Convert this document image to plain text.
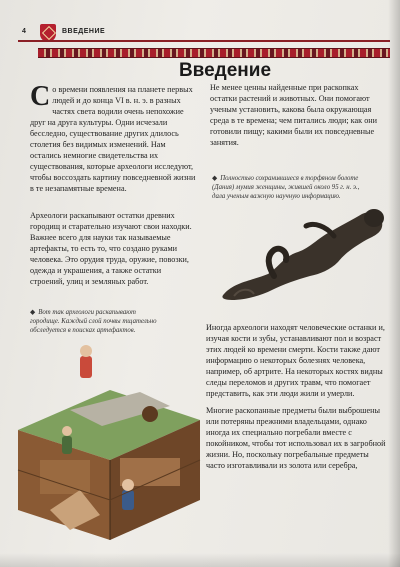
4	ВВЕДЕНИЕ
Введение

Со времени появления на планете первых людей и до конца VI в. н. э. в разных частях света водили очень непохожие друг на друга культуры. Одни исчезали бесследно, существование других длилось столетия без видимых изменений. Нам остались немногие свидетельства их существования, которые археологи исследуют, чтобы воссоздать картину повседневной жизни в те незапамятные времена.

Археологи раскапывают остатки древних городищ и старательно изучают свои находки. Важнее всего для науки так называемые артефакты, то есть то, что создано руками человека. Это орудия труда, оружие, повозки, одежда и украшения, а также остатки строений, улиц и земляных работ.

Не менее ценны найденные при раскопках остатки растений и животных. Они помогают ученым установить, какова была окружающая среда в те времена; чем питались люди; как они готовили пищу; какими были их повседневные занятия.

◆ Полностью сохранившиеся в торфяном болоте (Дания) мумия женщины, жившей около 95 г. н. э., дала ученым важную научную информацию.
◆ Вот так археологи раскапывают городище. Каждый слой почвы тщательно обследуется в поисках артефактов.	Иногда археологи находят человеческие останки и, изучая кости и зубы, устанавливают пол и возраст этих людей ко времени смерти. Кости также дают информацию о некоторых болезнях человека, например, об артрите. На некоторых костях видны следы переломов и других травм, что помогает представить, как эти люди жили и умерли.

Многие раскопанные предметы были выброшены или потеряны прежними владельцами, однако иногда их специально погребали вместе с покойником, чтобы тот использовал их в загробной жизни. Но, поскольку погребальные предметы часто изготавливали из золота или серебра,
